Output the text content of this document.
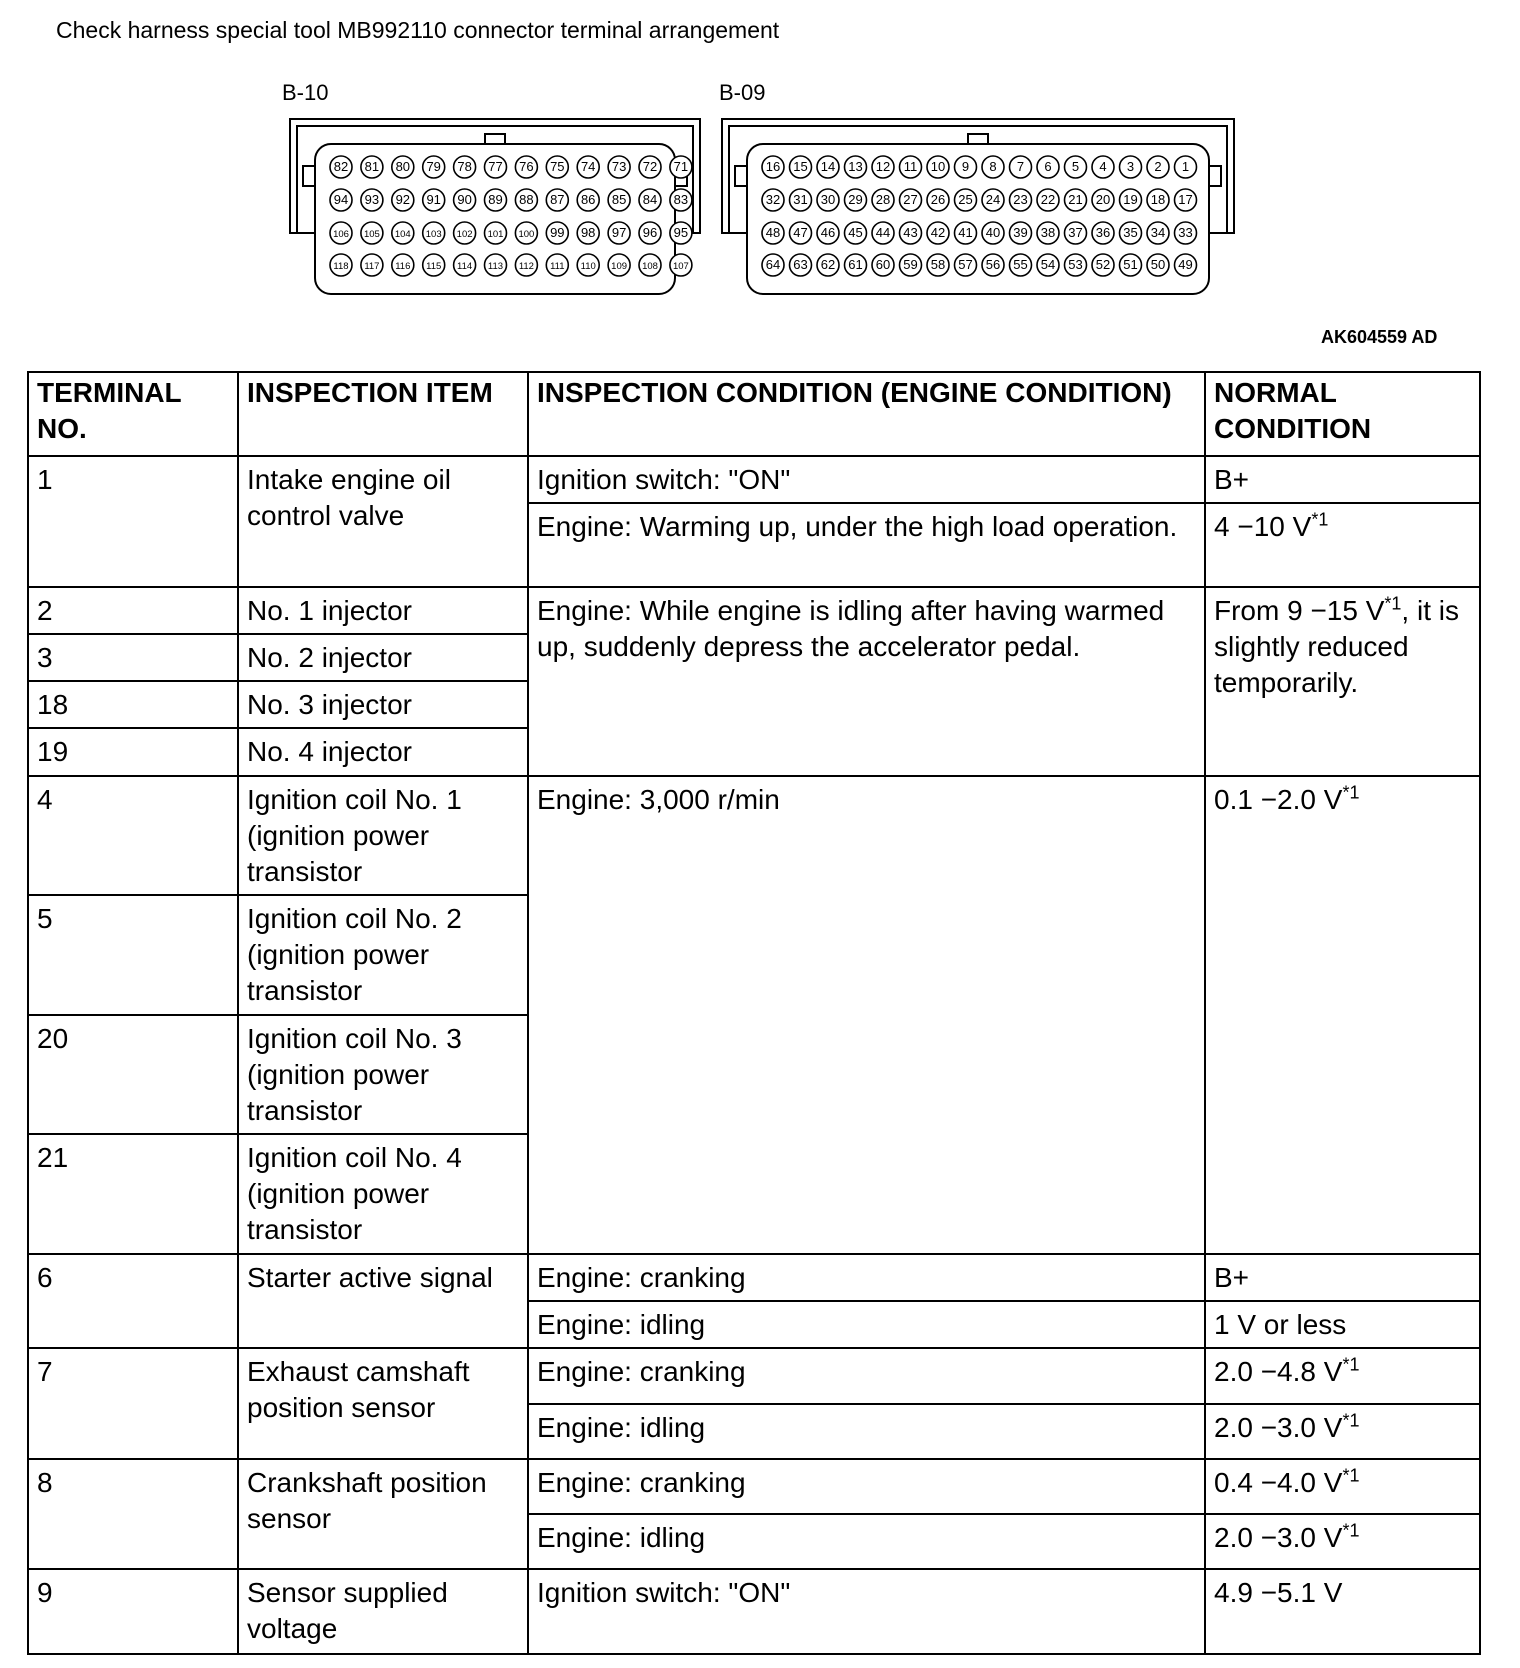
Check harness special tool MB992110 connector terminal arrangement
B-10	B-09
82 81 80 79 78 77 76 75 74 73 72 71
94 93 92 91 90 89 88 87 86 85 84 83
106 105 104 103 102 101 100 99 98 97 96 95
118 117 116 115 114 113 112 111 110 109 108 107
16 15 14 13 12 11 10 9 8 7 6 5 4 3 2 1
32 31 30 29 28 27 26 25 24 23 22 21 20 19 18 17
48 47 46 45 44 43 42 41 40 39 38 37 36 35 34 33
64 63 62 61 60 59 58 57 56 55 54 53 52 51 50 49
AK604559 AD
TERMINAL NO.	INSPECTION ITEM	INSPECTION CONDITION (ENGINE CONDITION)	NORMAL CONDITION
1	Intake engine oil control valve	Ignition switch: "ON"	B+
		Engine: Warming up, under the high load operation.	4 −10 $V^{*1}$
2	No. 1 injector	Engine: While engine is idling after having warmed up, suddenly depress the accelerator pedal.	From 9 −15 $V^{*1}$, it is slightly reduced temporarily.
3	No. 2 injector		
18	No. 3 injector		
19	No. 4 injector		
4	Ignition coil No. 1 (ignition power transistor	Engine: 3,000 r/min	0.1 −2.0 $V^{*1}$
5	Ignition coil No. 2 (ignition power transistor		
20	Ignition coil No. 3 (ignition power transistor		
21	Ignition coil No. 4 (ignition power transistor		
6	Starter active signal	Engine: cranking	B+
		Engine: idling	1 V or less
7	Exhaust camshaft position sensor	Engine: cranking	2.0 −4.8 $V^{*1}$
		Engine: idling	2.0 −3.0 $V^{*1}$
8	Crankshaft position sensor	Engine: cranking	0.4 −4.0 $V^{*1}$
		Engine: idling	2.0 −3.0 $V^{*1}$
9	Sensor supplied voltage	Ignition switch: "ON"	4.9 −5.1 V
